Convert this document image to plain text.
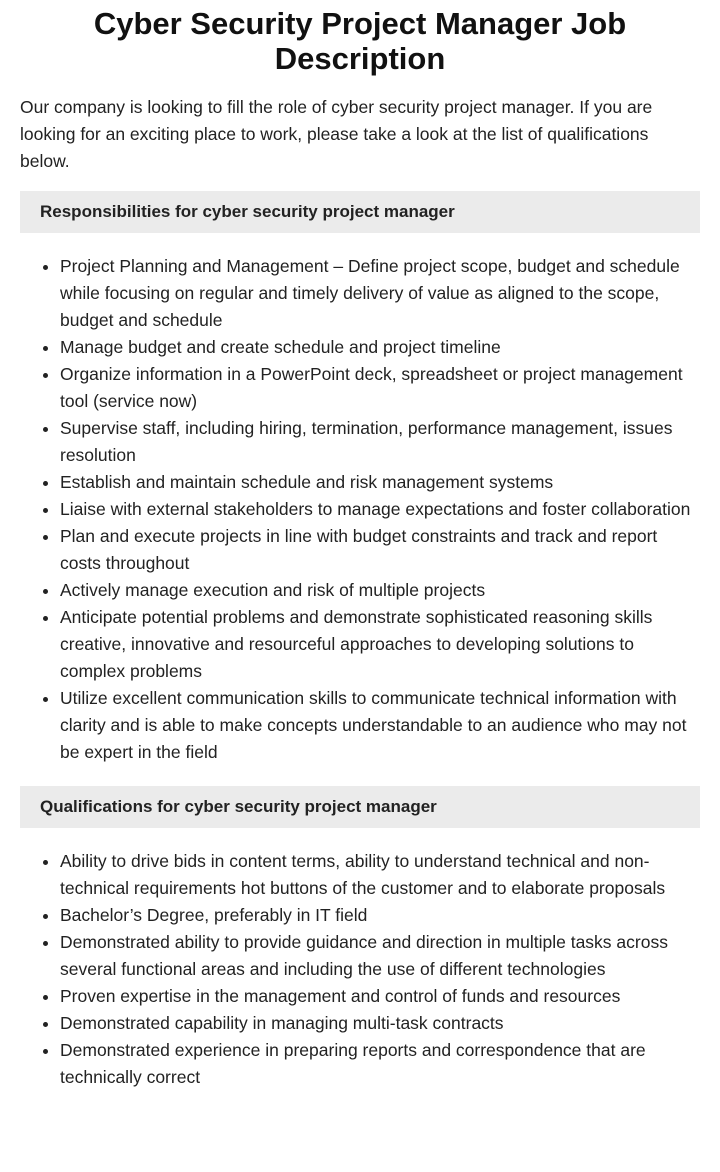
Cyber Security Project Manager Job Description

Our company is looking to fill the role of cyber security project manager. If you are looking for an exciting place to work, please take a look at the list of qualifications below.

Responsibilities for cyber security project manager
• Project Planning and Management – Define project scope, budget and schedule while focusing on regular and timely delivery of value as aligned to the scope, budget and schedule
• Manage budget and create schedule and project timeline
• Organize information in a PowerPoint deck, spreadsheet or project management tool (service now)
• Supervise staff, including hiring, termination, performance management, issues resolution
• Establish and maintain schedule and risk management systems
• Liaise with external stakeholders to manage expectations and foster collaboration
• Plan and execute projects in line with budget constraints and track and report costs throughout
• Actively manage execution and risk of multiple projects
• Anticipate potential problems and demonstrate sophisticated reasoning skills creative, innovative and resourceful approaches to developing solutions to complex problems
• Utilize excellent communication skills to communicate technical information with clarity and is able to make concepts understandable to an audience who may not be expert in the field
Qualifications for cyber security project manager
• Ability to drive bids in content terms, ability to understand technical and non-technical requirements hot buttons of the customer and to elaborate proposals
• Bachelor’s Degree, preferably in IT field
• Demonstrated ability to provide guidance and direction in multiple tasks across several functional areas and including the use of different technologies
• Proven expertise in the management and control of funds and resources
• Demonstrated capability in managing multi-task contracts
• Demonstrated experience in preparing reports and correspondence that are technically correct
